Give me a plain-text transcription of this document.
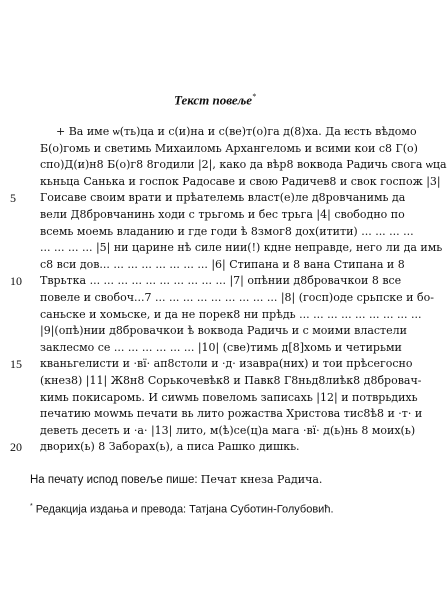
Текст повеље*
+ Ва име ѡ(ть)ца и с(и)на и с(ве)т(о)га д(8)ха. Да ѥсть вѣдомо
Б(о)гомь и светимь Михаиломь Архангеломь и всими кои с8 Г(о)
спо)Д(и)н8 Б(о)г8 8годили |2|, како да вѣр8 воквода Радичь свога ѡца
кьньца Санька и госпок Радосаве и свою Радичев8 и свок госпож |3|
5	Гоисаве своим врати и прѣателемь власт(е)ле д8ровчанимь да
вели Д8бровчанинь ходи с трьгомь и бес трьга |4| свободно по
всемь моемь владанию и где годи ѣ 8змог8 дох(итити) ... ... ... ...
... ... ... ... |5| ни царине нѣ силе нии(!) кдне неправде, него ли да имь
с8 вси дов... ... ... ... ... ... ... ... |6| Стипана и 8 вана Стипана и 8
10	Тврьтка ... ... ... ... ... ... ... ... ... ... |7| опѣнии д8бровачкои 8 все
повеле и свобоч...7 ... ... ... ... ... ... ... ... ... |8| (госп)оде срьпске и бо-
саньске и хомьске, и да не порек8 ни прѣдь ... ... ... ... ... ... ... ... ...
|9|(опѣ)нии д8бровачкои ѣ воквода Радичь и с моими властели
заклесмо се ... ... ... ... ... ... |10| (све)тимь д[8]хомь и четирьми
15	кваньгелисти и ·вї· ап8столи и ·д· изавра(них) и тои прѣсегосно
(кнез8) |11| Ж8н8 Сорькочевѣк8 и Павк8 Г8ньд8лиѣк8 д8бровач-
кимь покисаромь. И сиwмь повеломь записахь |12| и потврьдихь
печатию моwмь печати вь лито рожаства Христова тис8ѣ8 и ·т· и
деветь десеть и ·а· |13| лито, м(ѣ)се(ц)а мага ·вї· д(ь)нь 8 моих(ь)
20	двориx(ь) 8 Заборах(ь), а писа Рашко дишкь.
На печату испод повеље пише: Печат кнеза Радича.
* Редакција издања и превода: Татјана Суботин-Голубовић.
